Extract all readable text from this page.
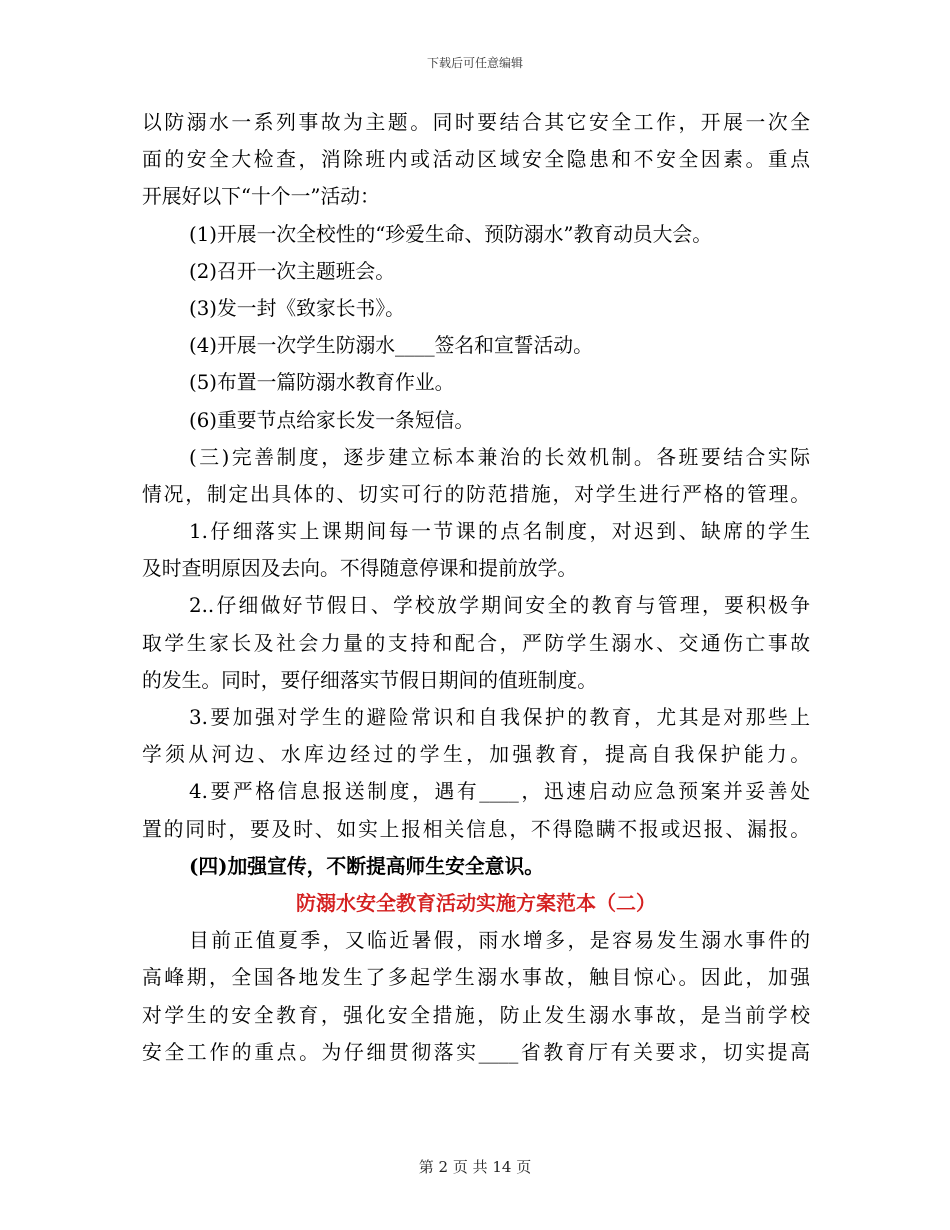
下载后可任意编辑
以防溺水一系列事故为主题。同时要结合其它安全工作，开展一次全
面的安全大检查，消除班内或活动区域安全隐患和不安全因素。重点
开展好以下“十个一”活动：
(1)开展一次全校性的“珍爱生命、预防溺水”教育动员大会。
(2)召开一次主题班会。
(3)发一封《致家长书》。
(4)开展一次学生防溺水____签名和宣誓活动。
(5)布置一篇防溺水教育作业。
(6)重要节点给家长发一条短信。
(三)完善制度，逐步建立标本兼治的长效机制。各班要结合实际
情况，制定出具体的、切实可行的防范措施，对学生进行严格的管理。
1.仔细落实上课期间每一节课的点名制度，对迟到、缺席的学生
及时查明原因及去向。不得随意停课和提前放学。
2..仔细做好节假日、学校放学期间安全的教育与管理，要积极争
取学生家长及社会力量的支持和配合，严防学生溺水、交通伤亡事故
的发生。同时，要仔细落实节假日期间的值班制度。
3.要加强对学生的避险常识和自我保护的教育，尤其是对那些上
学须从河边、水库边经过的学生，加强教育，提高自我保护能力。
4.要严格信息报送制度，遇有____，迅速启动应急预案并妥善处
置的同时，要及时、如实上报相关信息，不得隐瞒不报或迟报、漏报。
(四)加强宣传，不断提高师生安全意识。
防溺水安全教育活动实施方案范本（二）
目前正值夏季，又临近暑假，雨水增多，是容易发生溺水事件的
高峰期，全国各地发生了多起学生溺水事故，触目惊心。因此，加强
对学生的安全教育，强化安全措施，防止发生溺水事故，是当前学校
安全工作的重点。为仔细贯彻落实____省教育厅有关要求，切实提高
第 2 页 共 14 页
